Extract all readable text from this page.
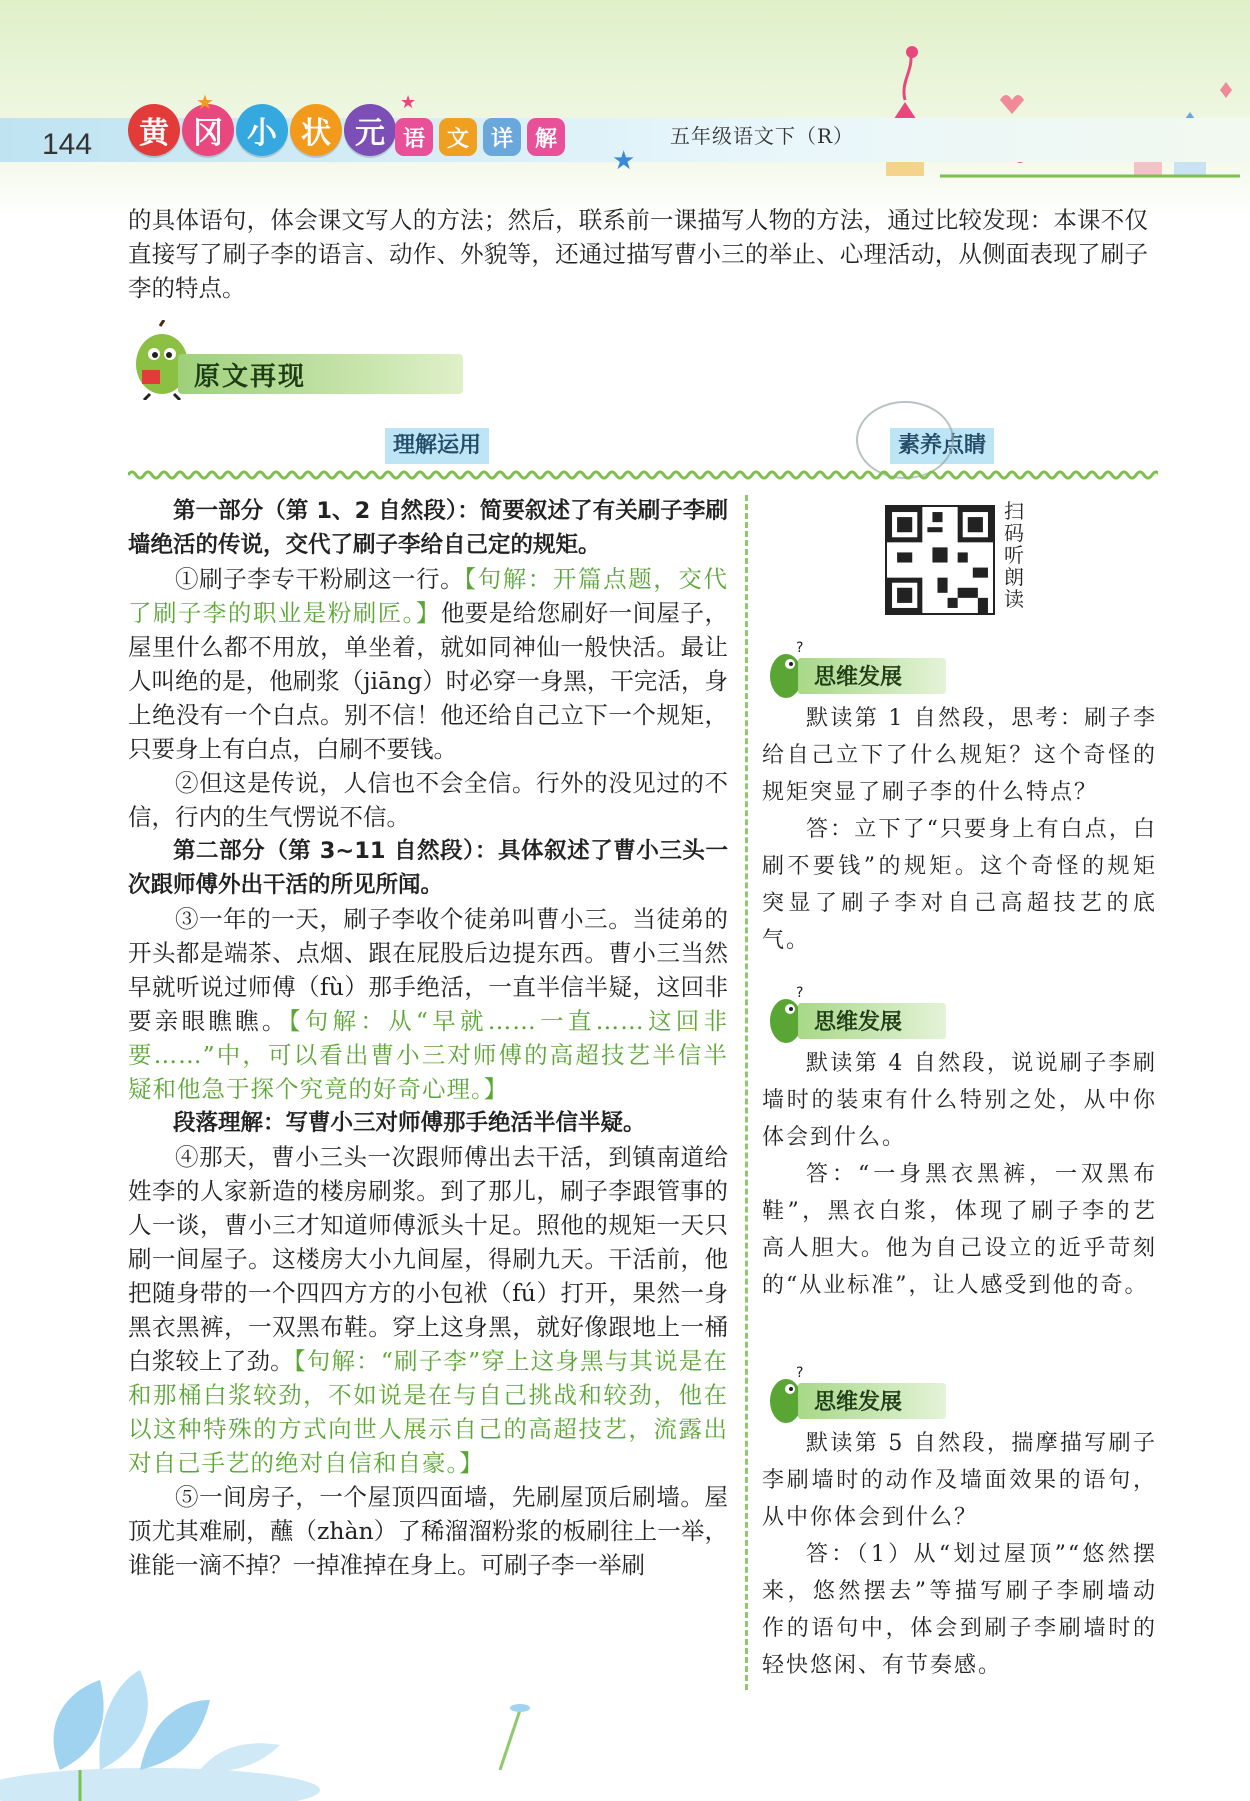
144	黄 冈 小 状 元 语 文 详 解
★
★	★
五年级语文下（R）
的具体语句，体会课文写人的方法；然后，联系前一课描写人物的方法，通过比较发现：本课不仅直接写了刷子李的语言、动作、外貌等，还通过描写曹小三的举止、心理活动，从侧面表现了刷子李的特点。
原文再现
理解运用	素养点睛

第一部分（第 1、2 自然段）：简要叙述了有关刷子李刷墙绝活的传说，交代了刷子李给自己定的规矩。

①刷子李专干粉刷这一行。【句解：开篇点题，交代了刷子李的职业是粉刷匠。】他要是给您刷好一间屋子，屋里什么都不用放，单坐着，就如同神仙一般快活。最让人叫绝的是，他刷浆（jiāng）时必穿一身黑，干完活，身上绝没有一个白点。别不信！他还给自己立下一个规矩，只要身上有白点，白刷不要钱。

②但这是传说，人信也不会全信。行外的没见过的不信，行内的生气愣说不信。

第二部分（第 3~11 自然段）：具体叙述了曹小三头一次跟师傅外出干活的所见所闻。

③一年的一天，刷子李收个徒弟叫曹小三。当徒弟的开头都是端茶、点烟、跟在屁股后边提东西。曹小三当然早就听说过师傅（fù）那手绝活，一直半信半疑，这回非要亲眼瞧瞧。【句解：从“早就……一直……这回非要……”中，可以看出曹小三对师傅的高超技艺半信半疑和他急于探个究竟的好奇心理。】

段落理解：写曹小三对师傅那手绝活半信半疑。

④那天，曹小三头一次跟师傅出去干活，到镇南道给姓李的人家新造的楼房刷浆。到了那儿，刷子李跟管事的人一谈，曹小三才知道师傅派头十足。照他的规矩一天只刷一间屋子。这楼房大小九间屋，得刷九天。干活前，他把随身带的一个四四方方的小包袱（fú）打开，果然一身黑衣黑裤，一双黑布鞋。穿上这身黑，就好像跟地上一桶白浆较上了劲。【句解：“刷子李”穿上这身黑与其说是在和那桶白浆较劲，不如说是在与自己挑战和较劲，他在以这种特殊的方式向世人展示自己的高超技艺，流露出对自己手艺的绝对自信和自豪。】

⑤一间房子，一个屋顶四面墙，先刷屋顶后刷墙。屋顶尤其难刷，蘸（zhàn）了稀溜溜粉浆的板刷往上一举，谁能一滴不掉？一掉准掉在身上。可刷子李一举刷

扫码听朗读
?
思维发展

默读第 1 自然段，思考：刷子李给自己立下了什么规矩？这个奇怪的规矩突显了刷子李的什么特点？

答：立下了“只要身上有白点，白刷不要钱”的规矩。这个奇怪的规矩突显了刷子李对自己高超技艺的底气。

?
思维发展

默读第 4 自然段，说说刷子李刷墙时的装束有什么特别之处，从中你体会到什么。

答：“一身黑衣黑裤，一双黑布鞋”，黑衣白浆，体现了刷子李的艺高人胆大。他为自己设立的近乎苛刻的“从业标准”，让人感受到他的奇。

?
思维发展

默读第 5 自然段，揣摩描写刷子李刷墙时的动作及墙面效果的语句，从中你体会到什么？

答：（1）从“划过屋顶”“悠然摆来，悠然摆去”等描写刷子李刷墙动作的语句中，体会到刷子李刷墙时的轻快悠闲、有节奏感。
